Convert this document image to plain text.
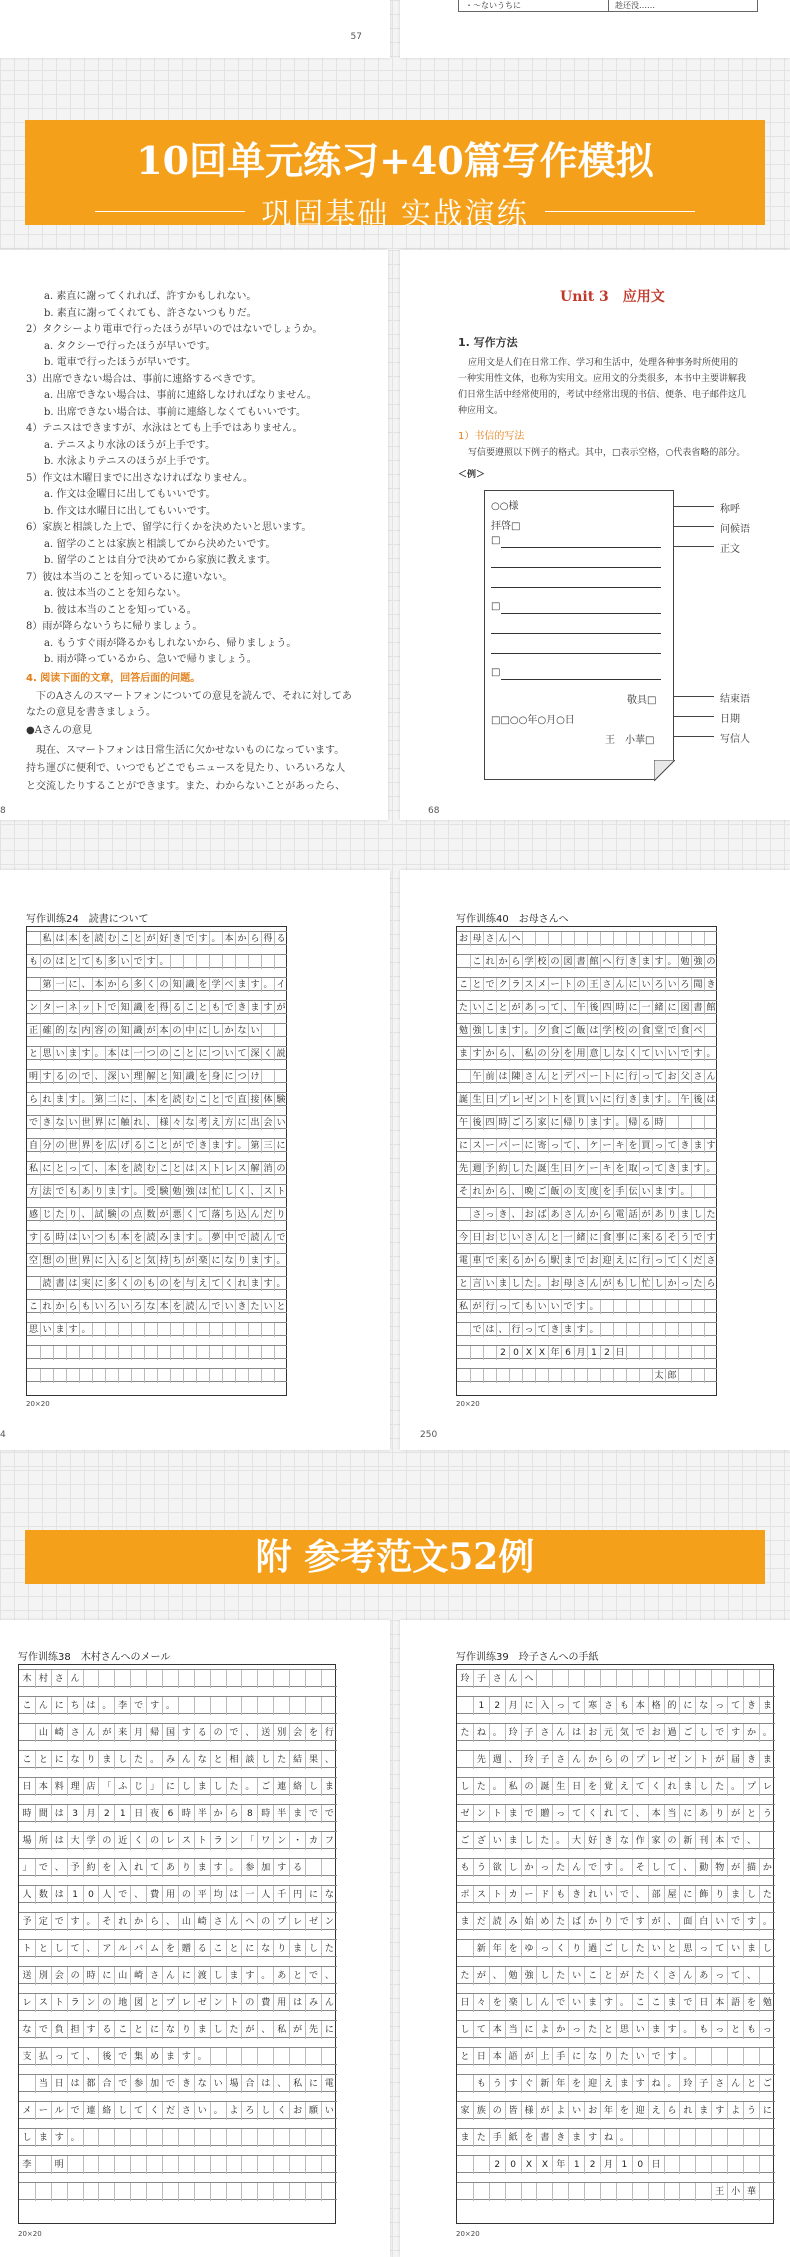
57
・〜ないうちに	趁还没……
10回单元练习+40篇写作模拟
巩固基础 实战演练
a. 素直に謝ってくれれば、許すかもしれない。
b. 素直に謝ってくれても、許さないつもりだ。
2）タクシーより電車で行ったほうが早いのではないでしょうか。
a. タクシーで行ったほうが早いです。
b. 電車で行ったほうが早いです。
3）出席できない場合は、事前に連絡するべきです。
a. 出席できない場合は、事前に連絡しなければなりません。
b. 出席できない場合は、事前に連絡しなくてもいいです。
4）テニスはできますが、水泳はとても上手ではありません。
a. テニスより水泳のほうが上手です。
b. 水泳よりテニスのほうが上手です。
5）作文は木曜日までに出さなければなりません。
a. 作文は金曜日に出してもいいです。
b. 作文は水曜日に出してもいいです。
6）家族と相談した上で、留学に行くかを決めたいと思います。
a. 留学のことは家族と相談してから決めたいです。
b. 留学のことは自分で決めてから家族に教えます。
7）彼は本当のことを知っているに違いない。
a. 彼は本当のことを知らない。
b. 彼は本当のことを知っている。
8）雨が降らないうちに帰りましょう。
a. もうすぐ雨が降るかもしれないから、帰りましょう。
b. 雨が降っているから、急いで帰りましょう。
4. 阅读下面的文章，回答后面的问题。
下のAさんのスマートフォンについての意見を読んで、それに対してあ
なたの意見を書きましょう。
●Aさんの意見
現在、スマートフォンは日常生活に欠かせないものになっています。
持ち運びに便利で、いつでもどこでもニュースを見たり、いろいろな人
と交流したりすることができます。また、わからないことがあったら、
8
Unit 3　应用文
1. 写作方法
应用文是人们在日常工作、学习和生活中，处理各种事务时所使用的
一种实用性文体，也称为实用文。应用文的分类很多，本书中主要讲解我
们日常生活中经常使用的，考试中经常出现的书信、便条、电子邮件这几
种应用文。
1）书信的写法
写信要遵照以下例子的格式。其中，□表示空格，○代表省略的部分。
＜例＞
○○様
拝啓□
□
□
□
敬具□
□□○○年○月○日
王　小華□
称呼
问候语
正文
结束语
日期
写信人
68
写作训练24　読書について
私 は 本 を 読 む こ と が 好 き で す 。 本 か ら 得 る
も の は と て も 多 い で す 。
第 一 に 、 本 か ら 多 く の 知 識 を 学 べ ま す 。 イ
ン タ ー ネ ッ ト で 知 識 を 得 る こ と も で き ま す が
正 確 的 な 内 容 の 知 識 が 本 の 中 に し か な い
と 思 い ま す 。 本 は 一 つ の こ と に つ い て 深 く 説
明 す る の で 、 深 い 理 解 と 知 識 を 身 に つ け
ら れ ま す 。 第 二 に 、 本 を 読 む こ と で 直 接 体 験
で き な い 世 界 に 触 れ 、 様 々 な 考 え 方 に 出 会 い
自 分 の 世 界 を 広 げ る こ と が で き ま す 。 第 三 に
私 に と っ て 、 本 を 読 む こ と は ス ト レ ス 解 消 の
方 法 で も あ り ま す 。 受 験 勉 強 は 忙 し く 、 ス ト
感 じ た り 、 試 験 の 点 数 が 悪 く て 落 ち 込 ん だ り
す る 時 は い つ も 本 を 読 み ま す 。 夢 中 で 読 ん で
空 想 の 世 界 に 入 る と 気 持 ち が 楽 に な り ま す 。
読 書 は 実 に 多 く の も の を 与 え て く れ ま す 。
こ れ か ら も い ろ い ろ な 本 を 読 ん で い き た い と
思 い ま す 。
20×20
4
写作训练40　お母さんへ
お 母 さ ん へ
こ れ か ら 学 校 の 図 書 館 へ 行 き ま す 。 勉 強 の
こ と で ク ラ ス メ ー ト の 王 さ ん に い ろ い ろ 聞 き
た い こ と が あ っ て 、 午 後 四 時 に 一 緒 に 図 書 館
勉 強 し ま す 。 夕 食 ご 飯 は 学 校 の 食 堂 で 食 べ
ま す か ら 、 私 の 分 を 用 意 し な く て い い で す 。
午 前 は 陳 さ ん と デ パ ー ト に 行 っ て お 父 さ ん
誕 生 日 プ レ ゼ ン ト を 買 い に 行 き ま す 。 午 後 は
午 後 四 時 ご ろ 家 に 帰 り ま す 。 帰 る 時
に ス ー パ ー に 寄 っ て 、 ケ ー キ を 買 っ て き ま す
先 週 予 約 し た 誕 生 日 ケ ー キ を 取 っ て き ま す 。
そ れ か ら 、 晩 ご 飯 の 支 度 を 手 伝 い ま す 。
さ っ き 、 お ば あ さ ん か ら 電 話 が あ り ま し た
今 日 お じ い さ ん と 一 緒 に 食 事 に 来 る そ う で す
電 車 で 来 る か ら 駅 ま で お 迎 え に 行 っ て く だ さ
と 言 い ま し た 。 お 母 さ ん が も し 忙 し か っ た ら
私 が 行 っ て も い い で す 。
で は 、 行 っ て き ま す 。
2 0 X X 年 6 月 1 2 日
太 郎
20×20
250
附 参考范文52例
写作训练38　木村さんへのメール
木 村 さ ん
こ ん に ち は 。 李 で す 。
山 崎 さ ん が 来 月 帰 国 す る の で 、 送 別 会 を 行
こ と に な り ま し た 。 み ん な と 相 談 し た 結 果 、
日 本 料 理 店 「 ふ じ 」 に し ま し た 。 ご 連 絡 し ま
時 間 は 3 月 2	1 日 夜 6 時 半 か ら 8 時 半 ま で で
場 所 は 大 学 の 近 く の レ ス ト ラ ン 「 ワ ン ・ カ フ
」 で 、 予 約 を 入 れ て あ り ま す 。 参 加 す る
人 数 は 1	0 人 で 、 費 用 の 平 均 は 一 人 千 円 に な
予 定 で す 。 そ れ か ら 、 山 崎 さ ん へ の プ レ ゼ ン
ト と し て 、 ア ル バ ム を 贈 る こ と に な り ま し た
送 別 会 の 時 に 山 崎 さ ん に 渡 し ま す 。 あ と で 、
レ ス ト ラ ン の 地 図 と プ レ ゼ ン ト の 費 用 は み ん
な で 負 担 す る こ と に な り ま し た が 、 私 が 先 に
支 払 っ て 、 後 で 集 め ま す 。
当 日 は 都 合 で 参 加 で き な い 場 合 は 、 私 に 電
メ ー ル で 連 絡 し て く だ さ い 。 よ ろ し く お 願 い
し ま す 。
李
　	明
20×20
写作训练39　玲子さんへの手紙
玲 子 さ ん へ
1	2 月 に 入 っ て 寒 さ も 本 格 的 に な っ て き ま
た ね 。 玲 子 さ ん は お 元 気 で お 過 ご し で す か 。
先 週 、 玲 子 さ ん か ら の プ レ ゼ ン ト が 届 き ま
し た 。 私 の 誕 生 日 を 覚 え て く れ ま し た 。 プ レ
ゼ ン ト ま で 贈 っ て く れ て 、 本 当 に あ り が と う
ご ざ い ま し た 。 大 好 き な 作 家 の 新 刊 本 で 、
も う 欲 し か っ た ん で す 。 そ し て 、 動 物 が 描 か
ポ ス ト カ ー ド も き れ い で 、 部 屋 に 飾 り ま し た
ま だ 読 み 始 め た ば か り で す が 、 面 白 い で す 。
新 年 を ゆ っ く り 過 ご し た い と 思 っ て い ま し
た が 、 勉 強 し た い こ と が た く さ ん あ っ て 、
日 々 を 楽 し ん で い ま す 。 こ こ ま で 日 本 語 を 勉
し て 本 当 に よ か っ た と 思 い ま す 。 も っ と も っ
と 日 本 語 が 上 手 に な り た い で す 。
も う す ぐ 新 年 を 迎 え ま す ね 。 玲 子 さ ん と ご
家 族 の 皆 様 が よ い お 年 を 迎 え ら れ ま す よ う に
ま た 手 紙 を 書 き ま す ね 。
2	0	X	X 年 1	2 月 1	0 日
王 小 華
20×20
